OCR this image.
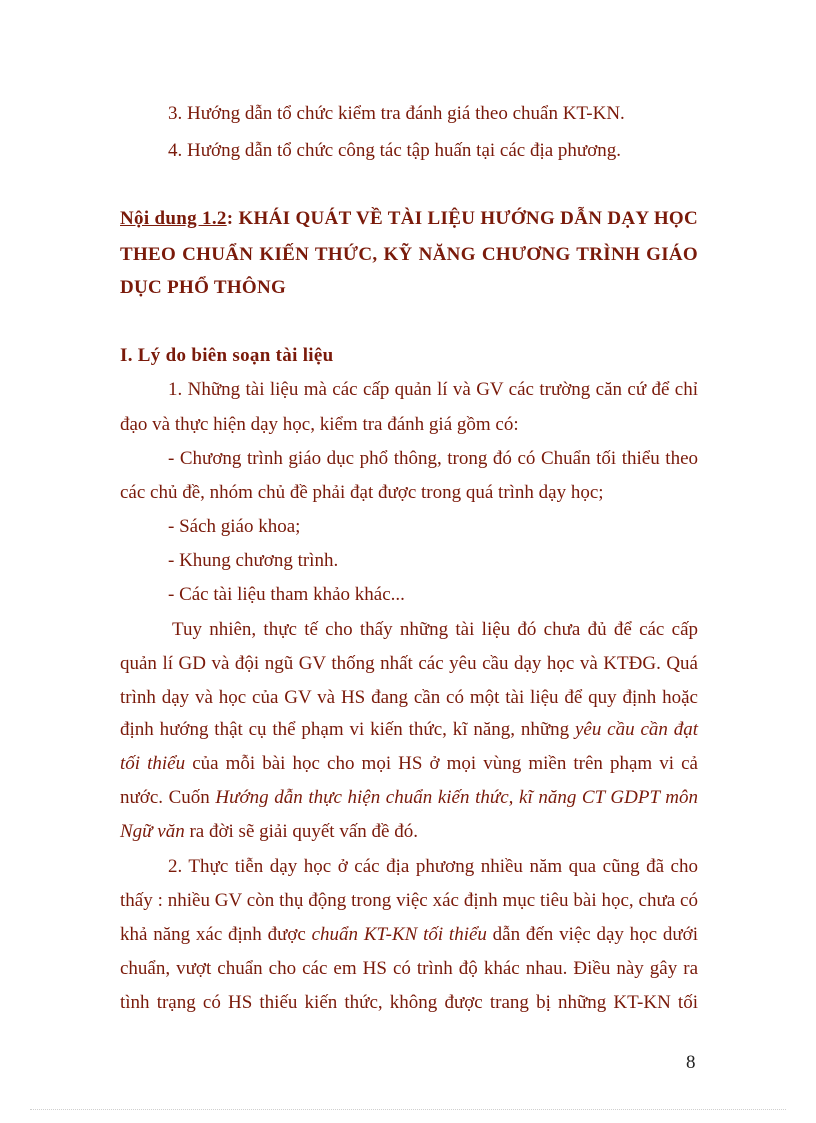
3. Hướng dẫn tổ chức kiểm tra đánh giá theo chuẩn KT-KN.
4. Hướng dẫn tổ chức công tác tập huấn tại các địa phương.
Nội dung 1.2: KHÁI QUÁT VỀ TÀI LIỆU HƯỚNG DẪN DẠY HỌC
THEO CHUẨN KIẾN THỨC, KỸ NĂNG CHƯƠNG TRÌNH GIÁO
DỤC PHỔ THÔNG
I. Lý do biên soạn tài liệu
1. Những tài liệu mà các cấp quản lí và GV các trường căn cứ để chỉ
đạo và thực hiện dạy học, kiểm tra đánh giá gồm có:
- Chương trình giáo dục phổ thông, trong đó có Chuẩn tối thiểu theo
các chủ đề, nhóm chủ đề phải đạt được trong quá trình dạy học;
- Sách giáo khoa;
- Khung chương trình.
- Các tài liệu tham khảo khác...
Tuy nhiên, thực tế cho thấy những tài liệu đó chưa đủ để các cấp
quản lí GD và đội ngũ GV thống nhất các yêu cầu dạy học và KTĐG. Quá
trình dạy và học của GV và HS đang cần có một tài liệu để quy định hoặc
định hướng thật cụ thể phạm vi kiến thức, kĩ năng, những yêu cầu cần đạt
tối thiểu của mỗi bài học cho mọi HS ở mọi vùng miền trên phạm vi cả
nước. Cuốn Hướng dẫn thực hiện chuẩn kiến thức, kĩ năng CT GDPT môn
Ngữ văn ra đời sẽ giải quyết vấn đề đó.
2. Thực tiễn dạy học ở các địa phương nhiều năm qua cũng đã cho
thấy : nhiều GV còn thụ động trong việc xác định mục tiêu bài học, chưa có
khả năng xác định được chuẩn KT-KN tối thiểu dẫn đến việc dạy học dưới
chuẩn, vượt chuẩn cho các em HS có trình độ khác nhau. Điều này gây ra
tình trạng có HS thiếu kiến thức, không được trang bị những KT-KN tối
8
